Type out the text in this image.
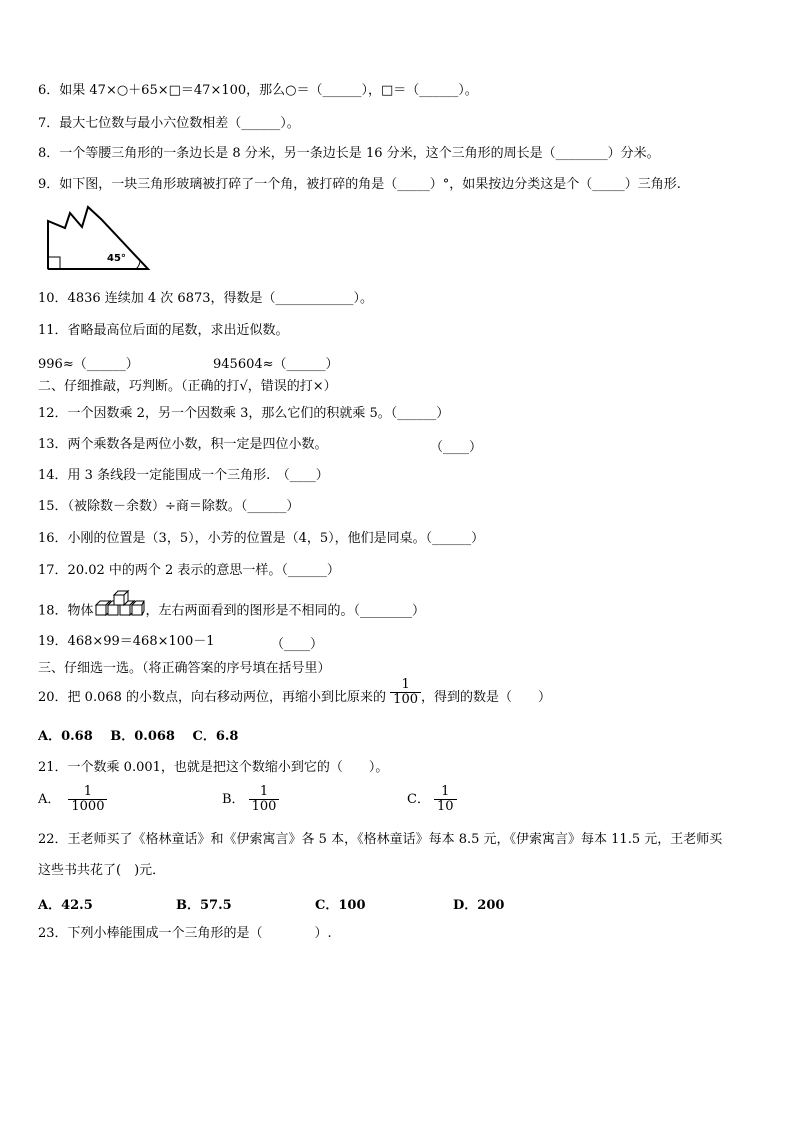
6．如果 47×○＋65×□＝47×100，那么○＝（______），□＝（______）。
7．最大七位数与最小六位数相差（______）。
8．一个等腰三角形的一条边长是 8 分米，另一条边长是 16 分米，这个三角形的周长是（________）分米。
9．如下图，一块三角形玻璃被打碎了一个角，被打碎的角是（_____）°，如果按边分类这是个（_____）三角形.
45°
10．4836 连续加 4 次 6873，得数是（____________）。
11．省略最高位后面的尾数，求出近似数。
996≈（______）	945604≈（______）
二、仔细推敲，巧判断。（正确的打√，错误的打×）
12．一个因数乘 2，另一个因数乘 3，那么它们的积就乘 5。（______）
13．两个乘数各是两位小数，积一定是四位小数。	（____）
14．用 3 条线段一定能围成一个三角形.　（____）
15．（被除数－余数）÷商＝除数。（______）
16．小刚的位置是（3，5），小芳的位置是（4，5），他们是同桌。（______）
17．20.02 中的两个 2 表示的意思一样。（______）
18．物体	，左右两面看到的图形是不相同的。（________）
19．468×99＝468×100－1	（____）
三、仔细选一选。（将正确答案的序号填在括号里）
20．把 0.068 的小数点，向右移动两位，再缩小到比原来的 $\frac{1}{100}$ ，得到的数是（　　）
A．0.68　 B．0.068　 C．6.8
21．一个数乘 0.001，也就是把这个数缩小到它的（　　）。
A． $\frac{1}{1000}$	B． $\frac{1}{100}$	C． $\frac{1}{10}$
22．王老师买了《格林童话》和《伊索寓言》各 5 本，《格林童话》每本 8.5 元，《伊索寓言》每本 11.5 元，王老师买
这些书共花了(　)元．
A．42.5	B．57.5	C．100	D．200
23．下列小棒能围成一个三角形的是（　　　　）.
